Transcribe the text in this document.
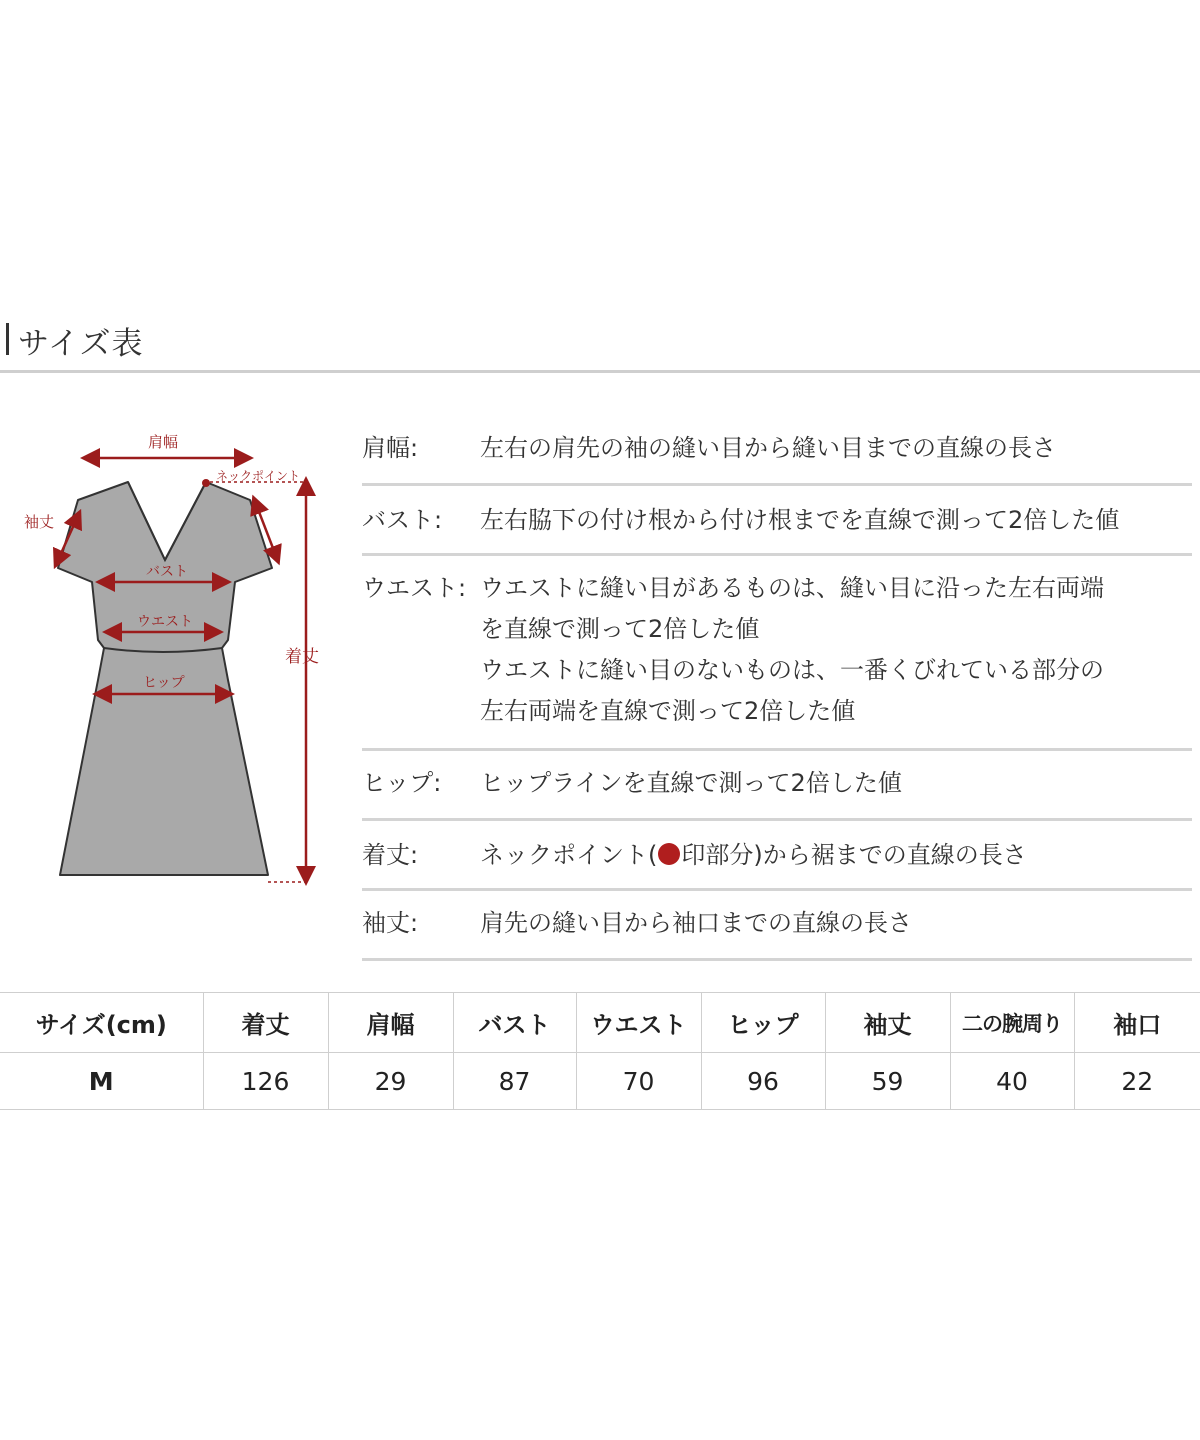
サイズ表
肩幅
ネックポイント
袖丈
バスト
ウエスト
ヒップ
着丈
肩幅:	左右の肩先の袖の縫い目から縫い目までの直線の長さ
バスト:	左右脇下の付け根から付け根までを直線で測って2倍した値
ウエスト: ウエストに縫い目があるものは、縫い目に沿った左右両端
を直線で測って2倍した値
ウエストに縫い目のないものは、一番くびれている部分の
左右両端を直線で測って2倍した値
ヒップ:	ヒップラインを直線で測って2倍した値
着丈:	ネックポイント( 印部分)から裾までの直線の長さ
袖丈:	肩先の縫い目から袖口までの直線の長さ
サイズ(cm)	着丈	肩幅	バスト	ウエスト	ヒップ	袖丈	二の腕周り	袖口
M	126	29	87	70	96	59	40	22
